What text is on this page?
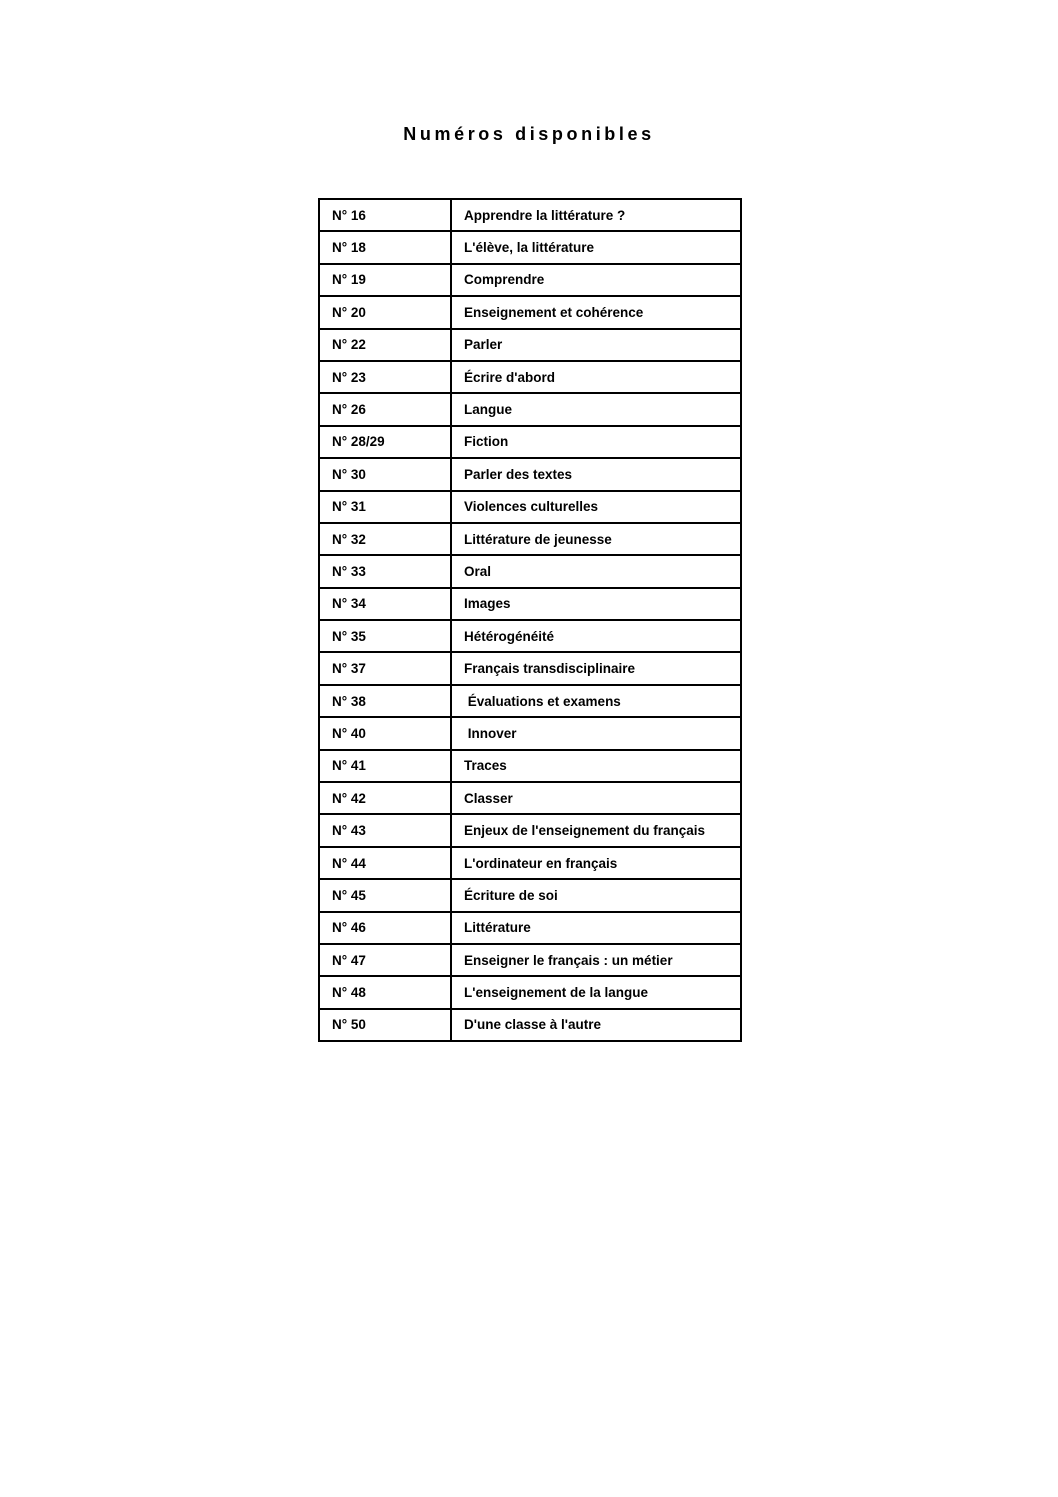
Numéros disponibles
N° 16	Apprendre la littérature ?
N° 18	L'élève, la littérature
N° 19	Comprendre
N° 20	Enseignement et cohérence
N° 22	Parler
N° 23	Écrire d'abord
N° 26	Langue
N° 28/29	Fiction
N° 30	Parler des textes
N° 31	Violences culturelles
N° 32	Littérature de jeunesse
N° 33	Oral
N° 34	Images
N° 35	Hétérogénéité
N° 37	Français transdisciplinaire
N° 38	Évaluations et examens
N° 40	Innover
N° 41	Traces
N° 42	Classer
N° 43	Enjeux de l'enseignement du français
N° 44	L'ordinateur en français
N° 45	Écriture de soi
N° 46	Littérature
N° 47	Enseigner le français : un métier
N° 48	L'enseignement de la langue
N° 50	D'une classe à l'autre
